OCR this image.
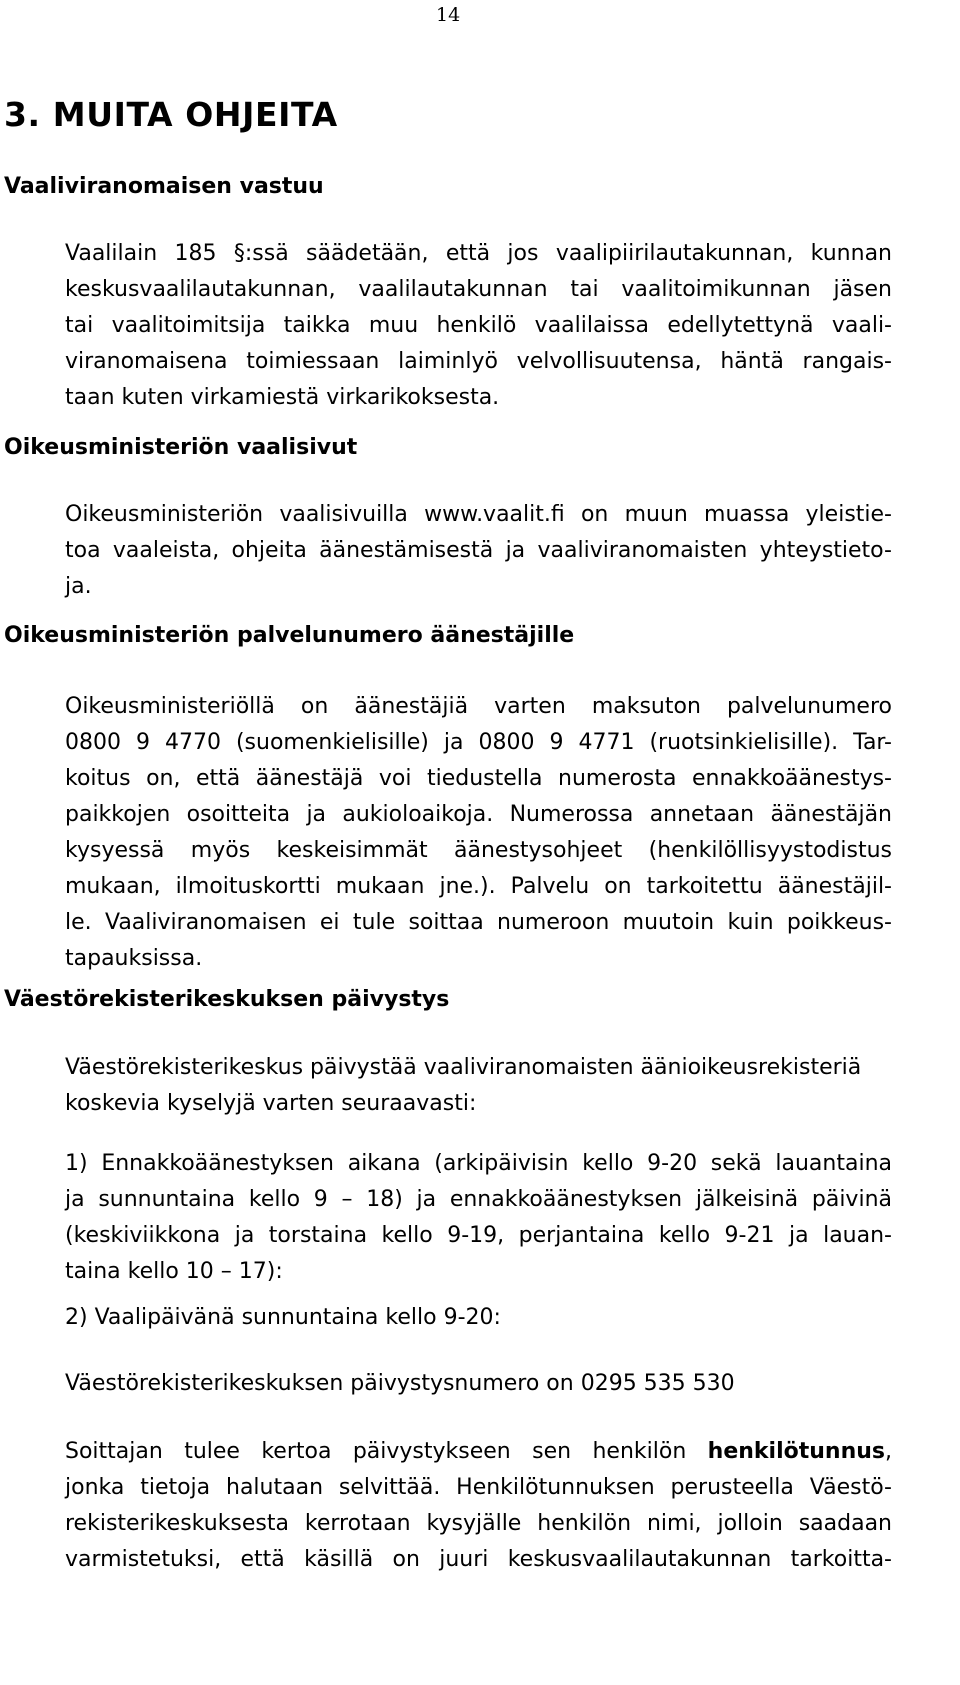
14
3. MUITA OHJEITA
Vaaliviranomaisen vastuu

Vaalilain 185 §:ssä säädetään, että jos vaalipiirilautakunnan, kunnan
keskusvaalilautakunnan, vaalilautakunnan tai vaalitoimikunnan jäsen
tai vaalitoimitsija taikka muu henkilö vaalilaissa edellytettynä vaali-
viranomaisena toimiessaan laiminlyö velvollisuutensa, häntä rangais-
taan kuten virkamiestä virkarikoksesta.

Oikeusministeriön vaalisivut

Oikeusministeriön vaalisivuilla www.vaalit.fi on muun muassa yleistie-
toa vaaleista, ohjeita äänestämisestä ja vaaliviranomaisten yhteystieto-
ja.

Oikeusministeriön palvelunumero äänestäjille

Oikeusministeriöllä on äänestäjiä varten maksuton palvelunumero
0800 9 4770 (suomenkielisille) ja 0800 9 4771 (ruotsinkielisille). Tar-
koitus on, että äänestäjä voi tiedustella numerosta ennakkoäänestys-
paikkojen osoitteita ja aukioloaikoja. Numerossa annetaan äänestäjän
kysyessä myös keskeisimmät äänestysohjeet (henkilöllisyystodistus
mukaan, ilmoituskortti mukaan jne.). Palvelu on tarkoitettu äänestäjil-
le. Vaaliviranomaisen ei tule soittaa numeroon muutoin kuin poikkeus-
tapauksissa.

Väestörekisterikeskuksen päivystys

Väestörekisterikeskus päivystää vaaliviranomaisten äänioikeusrekisteriä
koskevia kyselyjä varten seuraavasti:

1) Ennakkoäänestyksen aikana (arkipäivisin kello 9-20 sekä lauantaina
ja sunnuntaina kello 9 – 18) ja ennakkoäänestyksen jälkeisinä päivinä
(keskiviikkona ja torstaina kello 9-19, perjantaina kello 9-21 ja lauan-
taina kello 10 – 17):

2) Vaalipäivänä sunnuntaina kello 9-20:

Väestörekisterikeskuksen päivystysnumero on 0295 535 530

Soittajan tulee kertoa päivystykseen sen henkilön henkilötunnus,
jonka tietoja halutaan selvittää. Henkilötunnuksen perusteella Väestö-
rekisterikeskuksesta kerrotaan kysyjälle henkilön nimi, jolloin saadaan
varmistetuksi, että käsillä on juuri keskusvaalilautakunnan tarkoitta-
